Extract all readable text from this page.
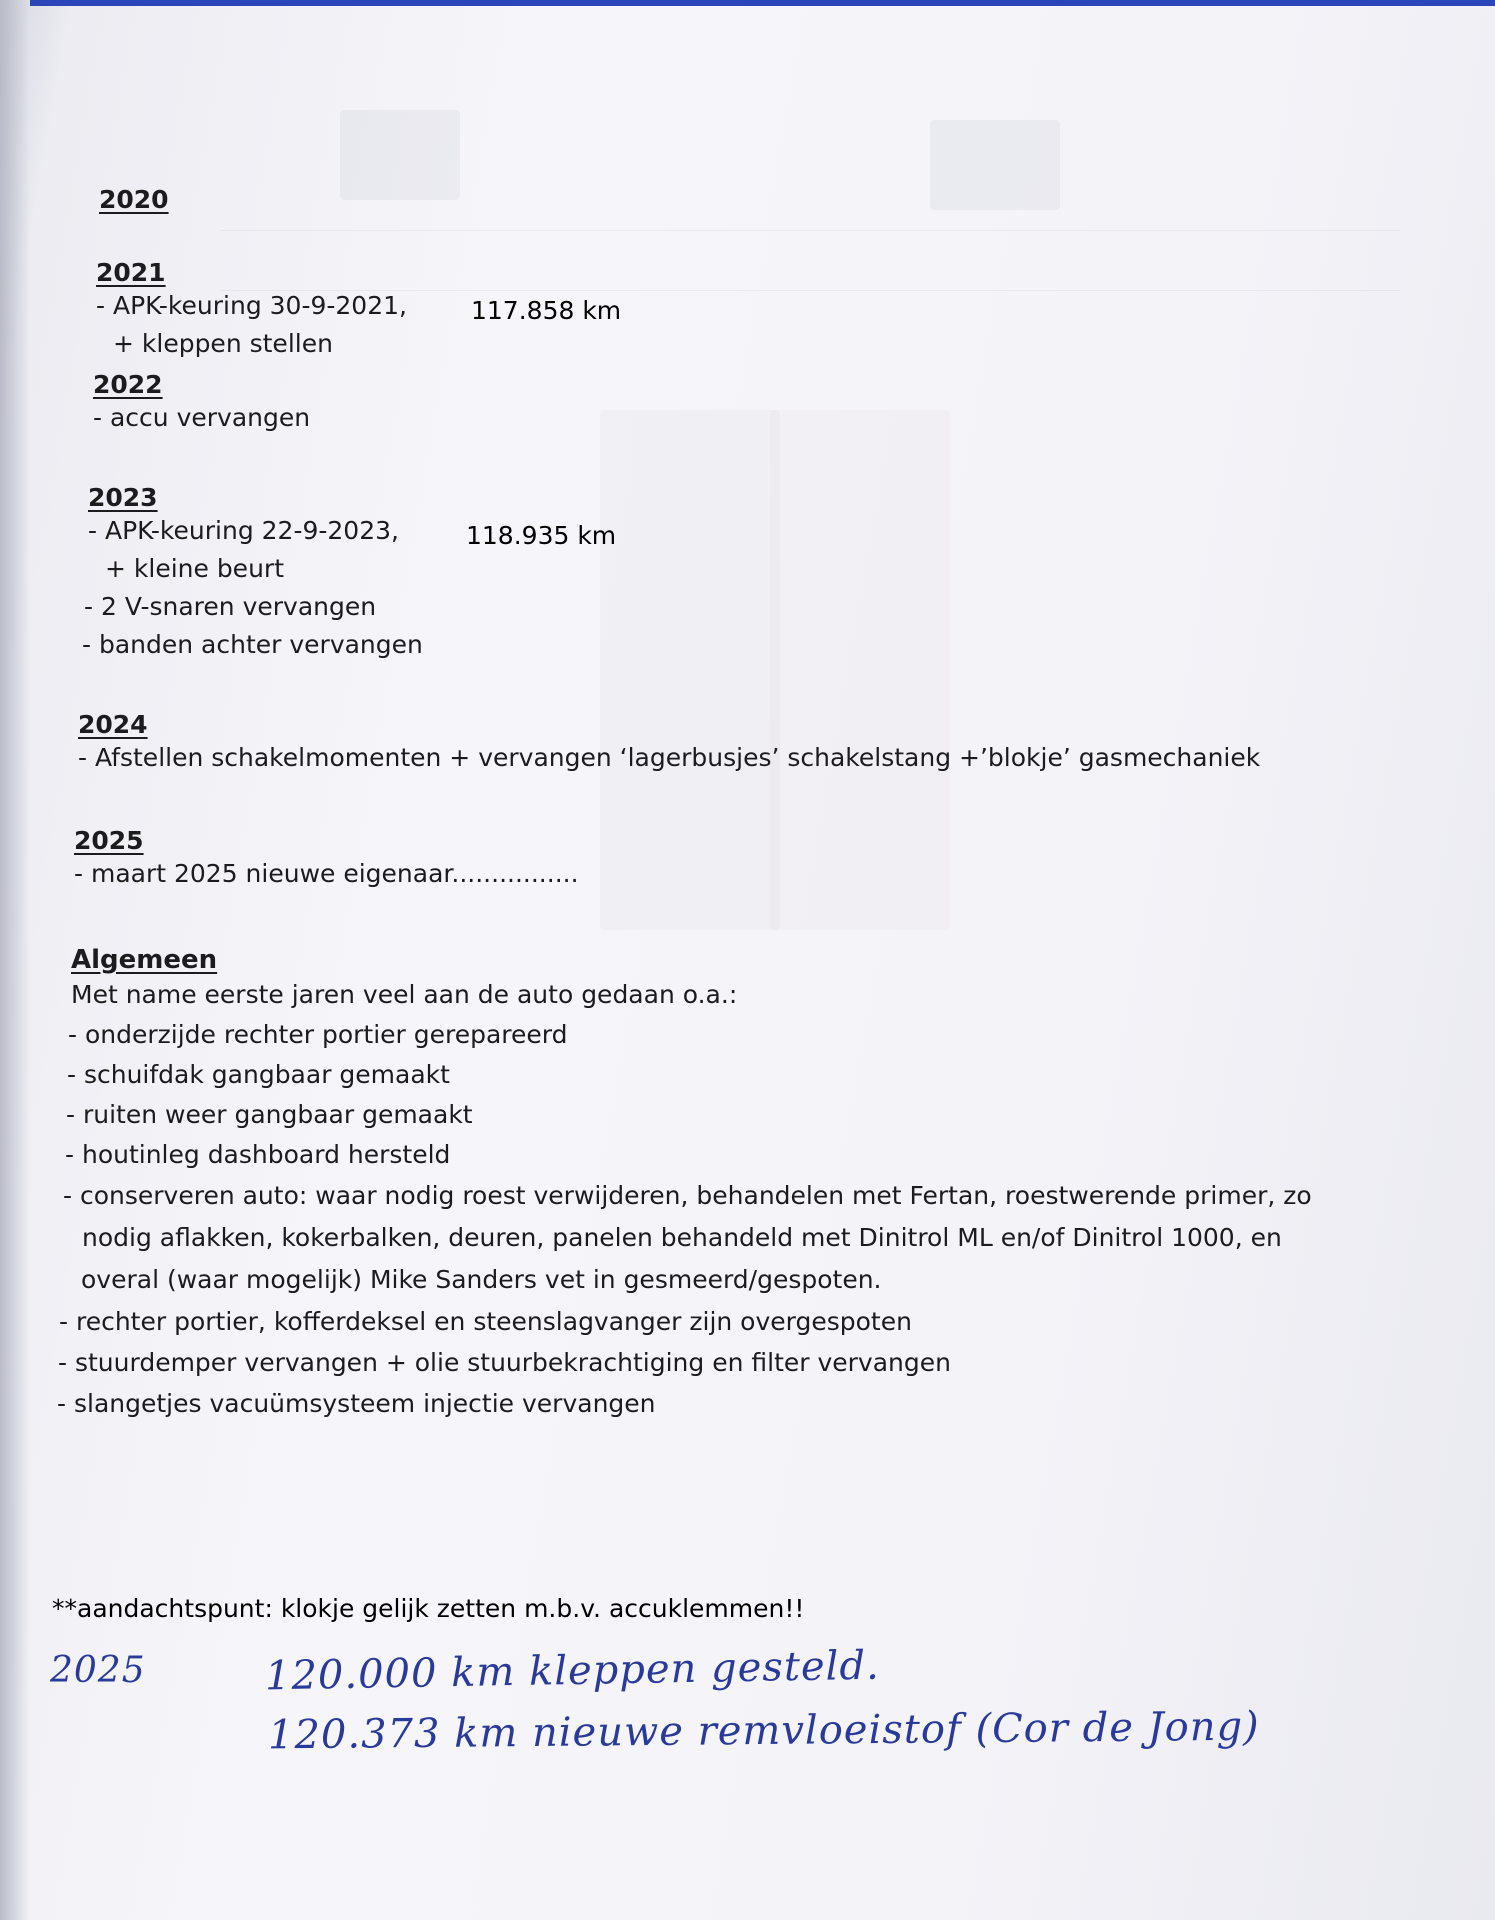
2020
2021
- APK-keuring 30-9-2021,
+ kleppen stellen
117.858 km
2022
- accu vervangen
2023
- APK-keuring 22-9-2023,
+ kleine beurt
- 2 V-snaren vervangen
- banden achter vervangen
118.935 km
2024
- Afstellen schakelmomenten + vervangen ‘lagerbusjes’ schakelstang +’blokje’ gasmechaniek
2025
- maart 2025 nieuwe eigenaar................
Algemeen
Met name eerste jaren veel aan de auto gedaan o.a.:
- onderzijde rechter portier gerepareerd
- schuifdak gangbaar gemaakt
- ruiten weer gangbaar gemaakt
- houtinleg dashboard hersteld
- conserveren auto: waar nodig roest verwijderen, behandelen met Fertan, roestwerende primer, zo
nodig aflakken, kokerbalken, deuren, panelen behandeld met Dinitrol ML en/of Dinitrol 1000, en
overal (waar mogelijk) Mike Sanders vet in gesmeerd/gespoten.
- rechter portier, kofferdeksel en steenslagvanger zijn overgespoten
- stuurdemper vervangen + olie stuurbekrachtiging en filter vervangen
- slangetjes vacuümsysteem injectie vervangen
**aandachtspunt: klokje gelijk zetten m.b.v. accuklemmen!!
2025	120.000 km kleppen gesteld.
120.373 km nieuwe remvloeistof (Cor de Jong)
